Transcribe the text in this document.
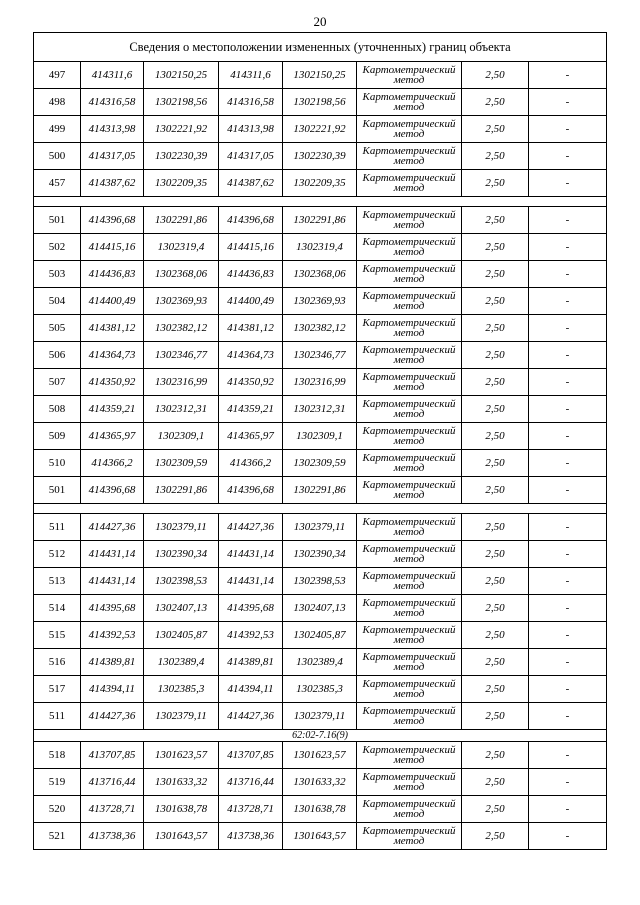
20
Сведения о местоположении измененных (уточненных) границ объекта							
497	414311,6	1302150,25	414311,6	1302150,25	Картометрический
метод	2,50	-
498	414316,58	1302198,56	414316,58	1302198,56	Картометрический
метод	2,50	-
499	414313,98	1302221,92	414313,98	1302221,92	Картометрический
метод	2,50	-
500	414317,05	1302230,39	414317,05	1302230,39	Картометрический
метод	2,50	-
457	414387,62	1302209,35	414387,62	1302209,35	Картометрический
метод	2,50	-

501	414396,68	1302291,86	414396,68	1302291,86	Картометрический
метод	2,50	-
502	414415,16	1302319,4	414415,16	1302319,4	Картометрический
метод	2,50	-
503	414436,83	1302368,06	414436,83	1302368,06	Картометрический
метод	2,50	-
504	414400,49	1302369,93	414400,49	1302369,93	Картометрический
метод	2,50	-
505	414381,12	1302382,12	414381,12	1302382,12	Картометрический
метод	2,50	-
506	414364,73	1302346,77	414364,73	1302346,77	Картометрический
метод	2,50	-
507	414350,92	1302316,99	414350,92	1302316,99	Картометрический
метод	2,50	-
508	414359,21	1302312,31	414359,21	1302312,31	Картометрический
метод	2,50	-
509	414365,97	1302309,1	414365,97	1302309,1	Картометрический
метод	2,50	-
510	414366,2	1302309,59	414366,2	1302309,59	Картометрический
метод	2,50	-
501	414396,68	1302291,86	414396,68	1302291,86	Картометрический
метод	2,50	-

511	414427,36	1302379,11	414427,36	1302379,11	Картометрический
метод	2,50	-
512	414431,14	1302390,34	414431,14	1302390,34	Картометрический
метод	2,50	-
513	414431,14	1302398,53	414431,14	1302398,53	Картометрический
метод	2,50	-
514	414395,68	1302407,13	414395,68	1302407,13	Картометрический
метод	2,50	-
515	414392,53	1302405,87	414392,53	1302405,87	Картометрический
метод	2,50	-
516	414389,81	1302389,4	414389,81	1302389,4	Картометрический
метод	2,50	-
517	414394,11	1302385,3	414394,11	1302385,3	Картометрический
метод	2,50	-
511	414427,36	1302379,11	414427,36	1302379,11	Картометрический
метод	2,50	-
62:02-7.16(9)							
518	413707,85	1301623,57	413707,85	1301623,57	Картометрический
метод	2,50	-
519	413716,44	1301633,32	413716,44	1301633,32	Картометрический
метод	2,50	-
520	413728,71	1301638,78	413728,71	1301638,78	Картометрический
метод	2,50	-
521	413738,36	1301643,57	413738,36	1301643,57	Картометрический
метод	2,50	-
